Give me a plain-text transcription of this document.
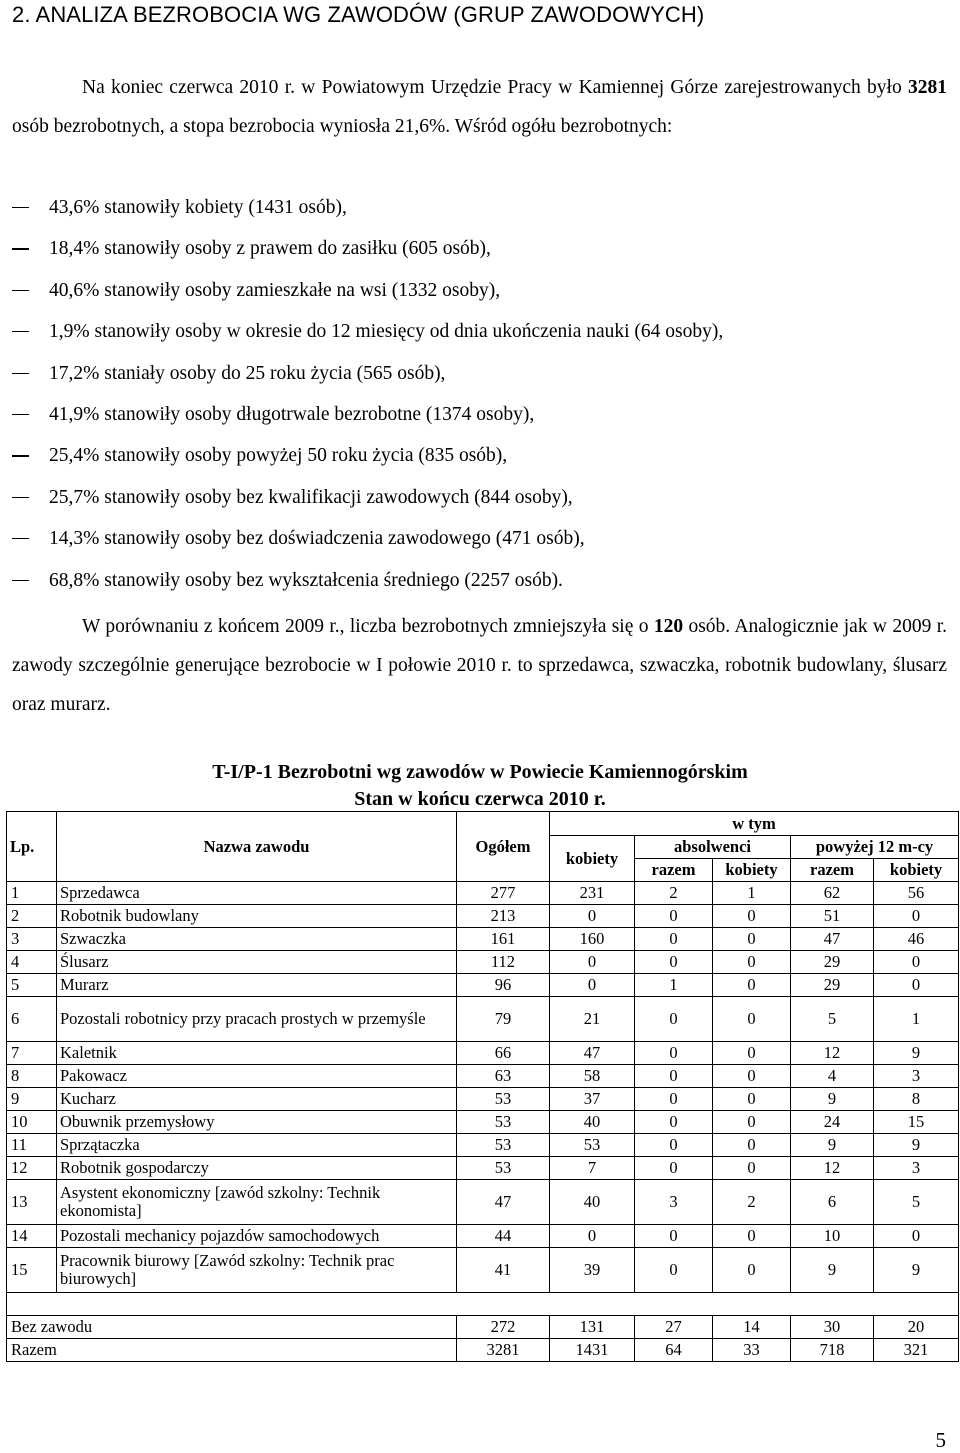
2. ANALIZA BEZROBOCIA WG ZAWODÓW (GRUP ZAWODOWYCH)

Na koniec czerwca 2010 r. w Powiatowym Urzędzie Pracy w Kamiennej Górze zarejestrowanych było 3281 osób bezrobotnych, a stopa bezrobocia wyniosła 21,6%. Wśród ogółu bezrobotnych:

43,6% stanowiły kobiety (1431 osób),
18,4% stanowiły osoby z prawem do zasiłku (605 osób),
40,6% stanowiły osoby zamieszkałe na wsi (1332 osoby),
1,9% stanowiły osoby w okresie do 12 miesięcy od dnia ukończenia nauki (64 osoby),
17,2% staniały osoby do 25 roku życia (565 osób),
41,9% stanowiły osoby długotrwale bezrobotne (1374 osoby),
25,4% stanowiły osoby powyżej 50 roku życia (835 osób),
25,7% stanowiły osoby bez kwalifikacji zawodowych (844 osoby),
14,3% stanowiły osoby bez doświadczenia zawodowego (471 osób),
68,8% stanowiły osoby bez wykształcenia średniego (2257 osób).

W porównaniu z końcem 2009 r., liczba bezrobotnych zmniejszyła się o 120 osób. Analogicznie jak w 2009 r. zawody szczególnie generujące bezrobocie w I połowie 2010 r. to sprzedawca, szwaczka, robotnik budowlany, ślusarz oraz murarz.

T-I/P-1 Bezrobotni wg zawodów w Powiecie Kamiennogórskim

Stan w końcu czerwca 2010 r.

Lp.	Nazwa zawodu	Ogółem	w tym				
			kobiety	absolwenci		powyżej 12 m-cy	
				razem	kobiety	razem	kobiety
1	Sprzedawca	277	231	2	1	62	56
2	Robotnik budowlany	213	0	0	0	51	0
3	Szwaczka	161	160	0	0	47	46
4	Ślusarz	112	0	0	0	29	0
5	Murarz	96	0	1	0	29	0
6	Pozostali robotnicy przy pracach prostych w przemyśle	79	21	0	0	5	1
7	Kaletnik	66	47	0	0	12	9
8	Pakowacz	63	58	0	0	4	3
9	Kucharz	53	37	0	0	9	8
10	Obuwnik przemysłowy	53	40	0	0	24	15
11	Sprzątaczka	53	53	0	0	9	9
12	Robotnik gospodarczy	53	7	0	0	12	3
13	Asystent ekonomiczny [zawód szkolny: Technik ekonomista]	47	40	3	2	6	5
14	Pozostali mechanicy pojazdów samochodowych	44	0	0	0	10	0
15	Pracownik biurowy [Zawód szkolny: Technik prac biurowych]	41	39	0	0	9	9

Bez zawodu		272	131	27	14	30	20
Razem		3281	1431	64	33	718	321
5
